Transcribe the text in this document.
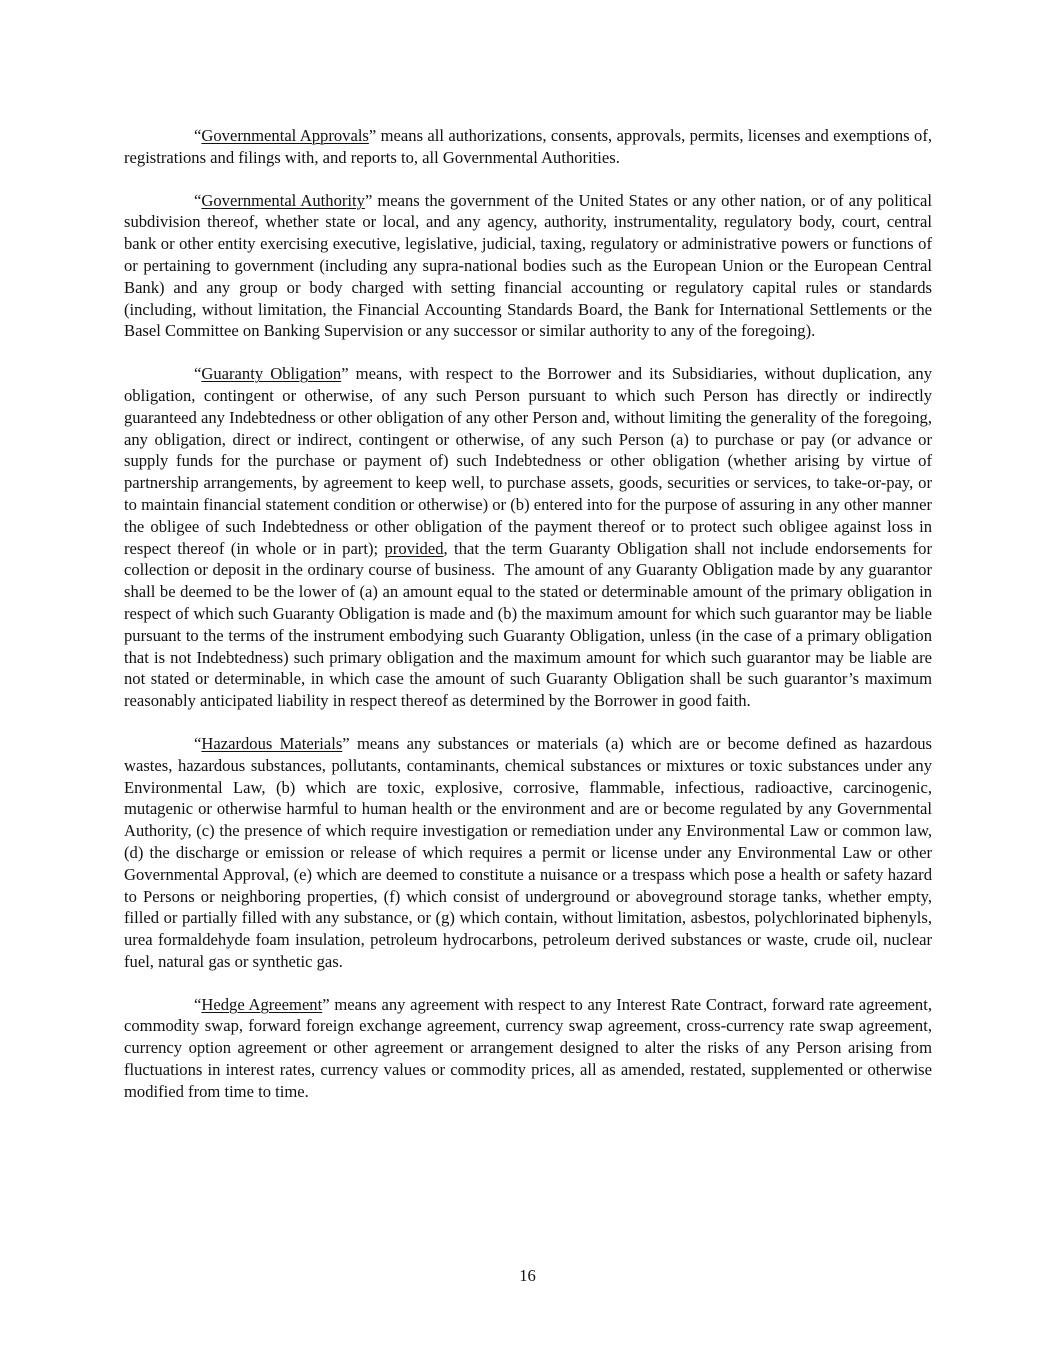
“Governmental Approvals” means all authorizations, consents, approvals, permits, licenses and exemptions of, registrations and filings with, and reports to, all Governmental Authorities.

“Governmental Authority” means the government of the United States or any other nation, or of any political subdivision thereof, whether state or local, and any agency, authority, instrumentality, regulatory body, court, central bank or other entity exercising executive, legislative, judicial, taxing, regulatory or administrative powers or functions of or pertaining to government (including any supra-national bodies such as the European Union or the European Central Bank) and any group or body charged with setting financial accounting or regulatory capital rules or standards (including, without limitation, the Financial Accounting Standards Board, the Bank for International Settlements or the Basel Committee on Banking Supervision or any successor or similar authority to any of the foregoing).

“Guaranty Obligation” means, with respect to the Borrower and its Subsidiaries, without duplication, any obligation, contingent or otherwise, of any such Person pursuant to which such Person has directly or indirectly guaranteed any Indebtedness or other obligation of any other Person and, without limiting the generality of the foregoing, any obligation, direct or indirect, contingent or otherwise, of any such Person (a) to purchase or pay (or advance or supply funds for the purchase or payment of) such Indebtedness or other obligation (whether arising by virtue of partnership arrangements, by agreement to keep well, to purchase assets, goods, securities or services, to take-or-pay, or to maintain financial statement condition or otherwise) or (b) entered into for the purpose of assuring in any other manner the obligee of such Indebtedness or other obligation of the payment thereof or to protect such obligee against loss in respect thereof (in whole or in part); provided, that the term Guaranty Obligation shall not include endorsements for collection or deposit in the ordinary course of business.  The amount of any Guaranty Obligation made by any guarantor shall be deemed to be the lower of (a) an amount equal to the stated or determinable amount of the primary obligation in respect of which such Guaranty Obligation is made and (b) the maximum amount for which such guarantor may be liable pursuant to the terms of the instrument embodying such Guaranty Obligation, unless (in the case of a primary obligation that is not Indebtedness) such primary obligation and the maximum amount for which such guarantor may be liable are not stated or determinable, in which case the amount of such Guaranty Obligation shall be such guarantor’s maximum reasonably anticipated liability in respect thereof as determined by the Borrower in good faith.

“Hazardous Materials” means any substances or materials (a) which are or become defined as hazardous wastes, hazardous substances, pollutants, contaminants, chemical substances or mixtures or toxic substances under any Environmental Law, (b) which are toxic, explosive, corrosive, flammable, infectious, radioactive, carcinogenic, mutagenic or otherwise harmful to human health or the environment and are or become regulated by any Governmental Authority, (c) the presence of which require investigation or remediation under any Environmental Law or common law, (d) the discharge or emission or release of which requires a permit or license under any Environmental Law or other Governmental Approval, (e) which are deemed to constitute a nuisance or a trespass which pose a health or safety hazard to Persons or neighboring properties, (f) which consist of underground or aboveground storage tanks, whether empty, filled or partially filled with any substance, or (g) which contain, without limitation, asbestos, polychlorinated biphenyls, urea formaldehyde foam insulation, petroleum hydrocarbons, petroleum derived substances or waste, crude oil, nuclear fuel, natural gas or synthetic gas.

“Hedge Agreement” means any agreement with respect to any Interest Rate Contract, forward rate agreement, commodity swap, forward foreign exchange agreement, currency swap agreement, cross-currency rate swap agreement, currency option agreement or other agreement or arrangement designed to alter the risks of any Person arising from fluctuations in interest rates, currency values or commodity prices, all as amended, restated, supplemented or otherwise modified from time to time.

16
